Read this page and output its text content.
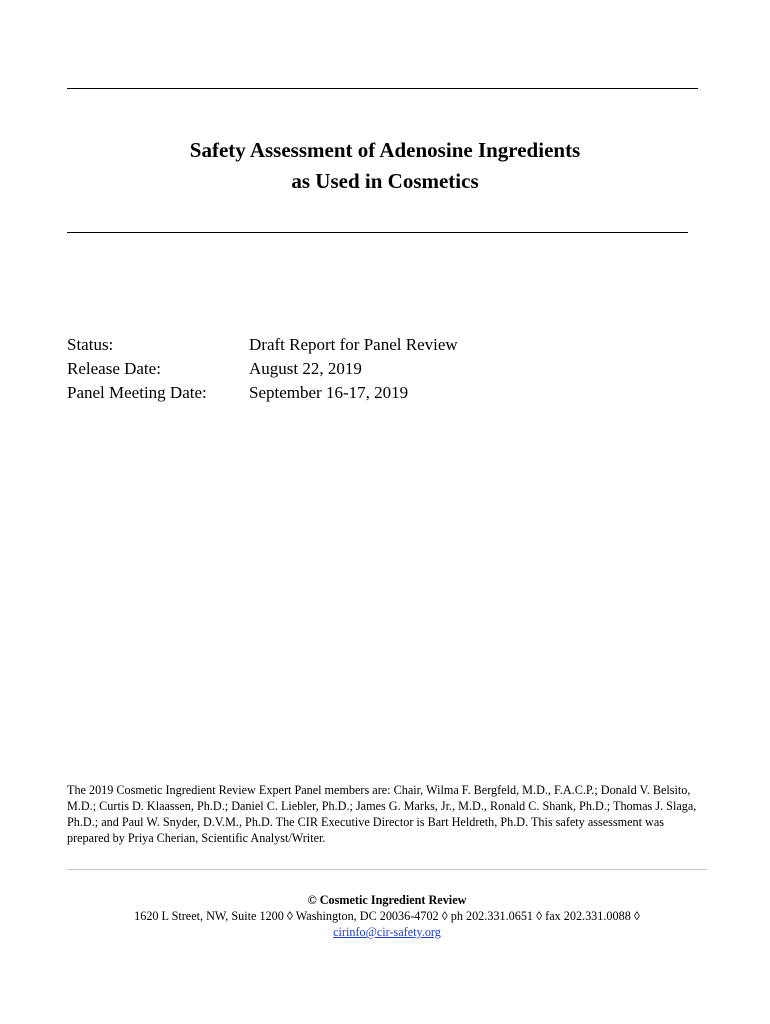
Safety Assessment of Adenosine Ingredients
as Used in Cosmetics
Status:	Draft Report for Panel Review
Release Date:	August 22, 2019
Panel Meeting Date:	September 16-17, 2019
The 2019 Cosmetic Ingredient Review Expert Panel members are: Chair, Wilma F. Bergfeld, M.D., F.A.C.P.; Donald V. Belsito, M.D.; Curtis D. Klaassen, Ph.D.; Daniel C. Liebler, Ph.D.; James G. Marks, Jr., M.D., Ronald C. Shank, Ph.D.; Thomas J. Slaga, Ph.D.; and Paul W. Snyder, D.V.M., Ph.D. The CIR Executive Director is Bart Heldreth, Ph.D. This safety assessment was prepared by Priya Cherian, Scientific Analyst/Writer.
© Cosmetic Ingredient Review
1620 L Street, NW, Suite 1200 ◊ Washington, DC 20036-4702 ◊ ph 202.331.0651 ◊ fax 202.331.0088 ◊
cirinfo@cir-safety.org
